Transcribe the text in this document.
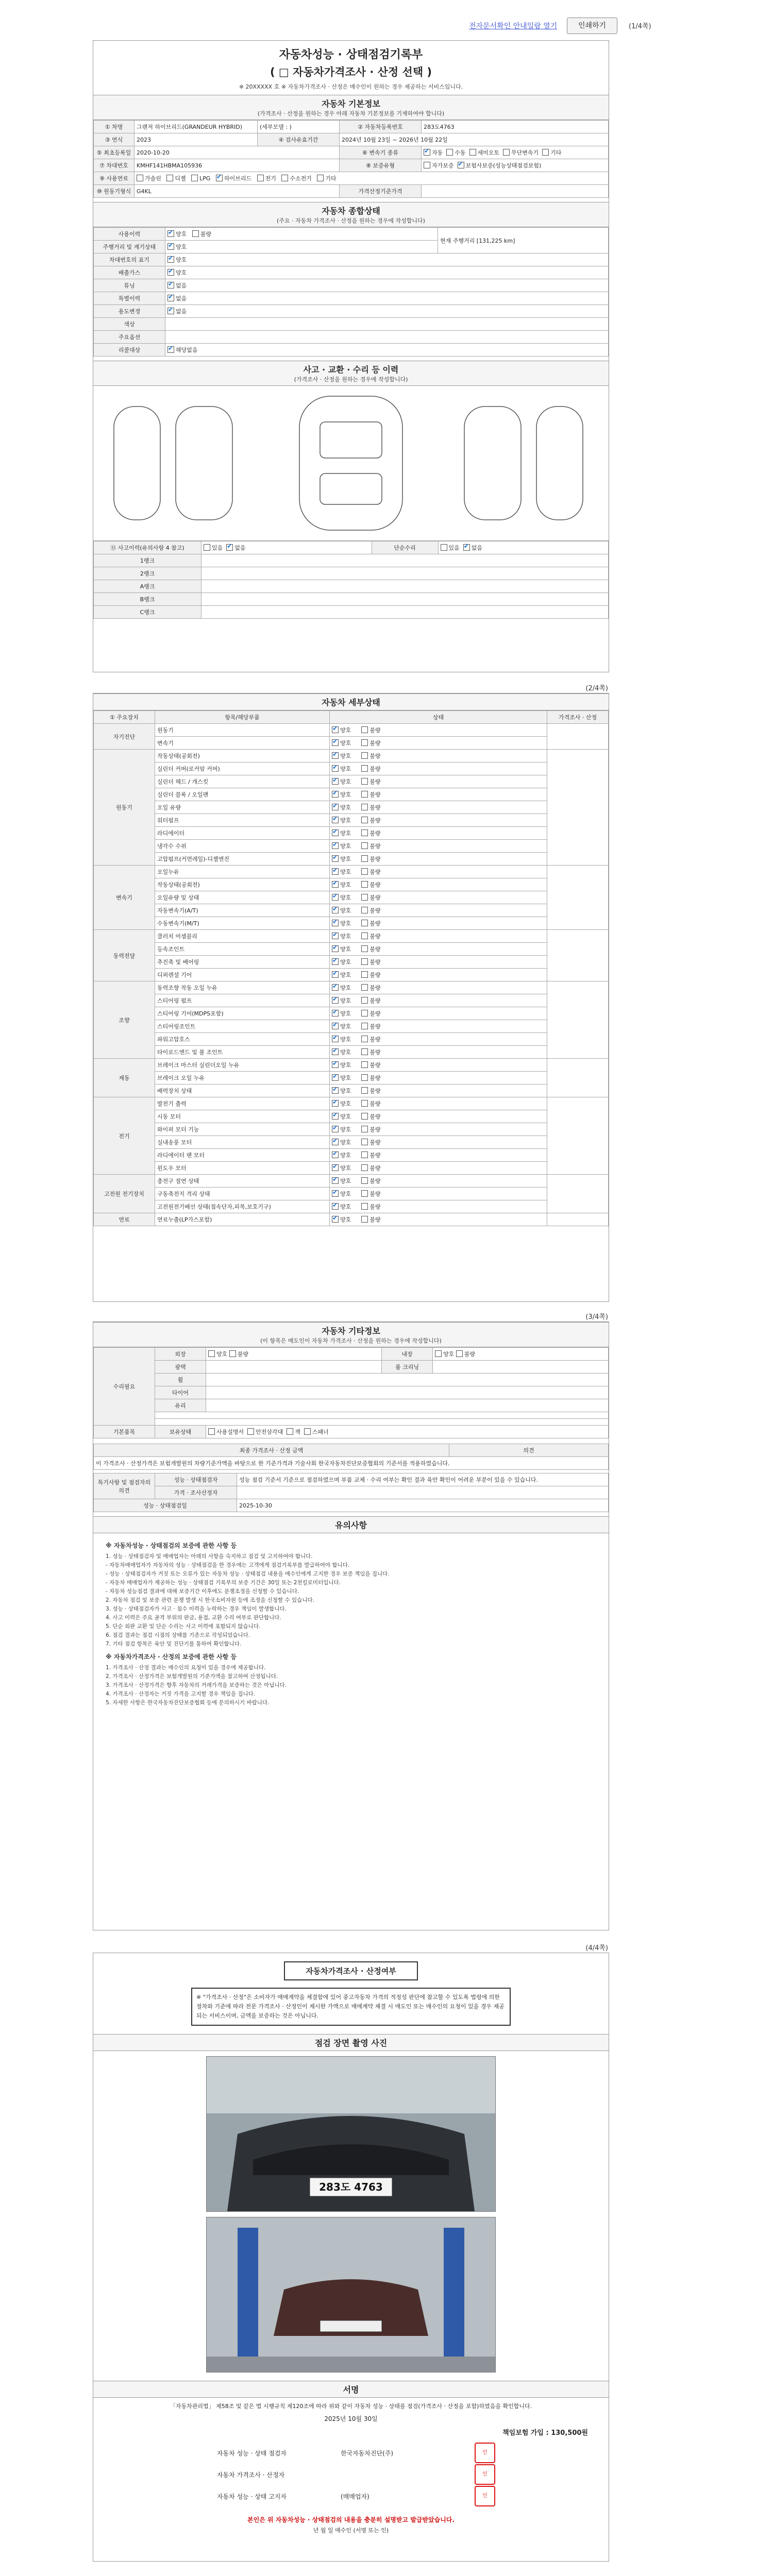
전자문서확인 안내일람 열기	인쇄하기	(1/4쪽)
자동차성능 · 상태점검기록부
( □ 자동차가격조사 · 산정 선택 )
※ 20XXXXX 호 ※ 자동차가격조사 · 산정은 매수인이 원하는 경우 제공하는 서비스입니다.
자동차 기본정보
(가격조사 · 산정을 원하는 경우 아래 자동차 기본정보를 기재하여야 합니다)
① 차명	그랜저 하이브리드(GRANDEUR HYBRID)	(세부모델 : )	② 자동차등록번호	283도4763
③ 연식	2023	④ 검사유효기간	2024년 10월 23일 ~ 2026년 10월 22일	
⑤ 최초등록일	2020-10-20		⑥ 변속기 종류	✔자동 수동 세미오토 무단변속기 기타
⑦ 차대번호	KMHF141HBMA105936		⑧ 보증유형	자가보증 ✔ 보험사보증(성능상태점검보험)
⑨ 사용연료	가솔린 디젤 LPG ✔ 하이브리드 전기 수소전기 기타
⑩ 원동기형식	G4KL		가격산정기준가격	
자동차 종합상태
(주요 · 자동차 가격조사 · 산정을 원하는 경우에 작성합니다)
사용이력	✔양호 불량	현재 주행거리 [131,225 km]
주행거리 및 계기상태	✔양호
차대번호의 표기	✔양호
배출가스	✔양호
튜닝	✔없음
특별이력	✔없음
용도변경	✔없음
색상		
주요옵션		
리콜대상	✔해당없음
사고 · 교환 · 수리 등 이력
(가격조사 · 산정을 원하는 경우에 작성합니다)
⑪ 사고이력(유의사항 4 참고)	있음  ✔없음	단순수리	있음  ✔없음
1랭크			
2랭크			
A랭크			
B랭크			
C랭크			
(2/4쪽)
자동차 세부상태
① 주요장치	항목/해당부품	상태	가격조사 · 산정
자기진단	원동기	✔양호 불량	
	변속기	✔양호 불량
원동기	작동상태(공회전)	✔양호 불량	
	실린더 커버(로커암 커버)	✔양호 불량
	실린더 헤드 / 개스킷	✔양호 불량
	실린더 블록 / 오일팬	✔양호 불량
	오일 유량	✔양호 불량
	워터펌프	✔양호 불량
	라디에이터	✔양호 불량
	냉각수 수위	✔양호 불량
	고압펌프(커먼레일)-디젤엔진	✔양호 불량
변속기	오일누유	✔양호 불량	
	작동상태(공회전)	✔양호 불량
	오일유량 및 상태	✔양호 불량
	자동변속기(A/T)	✔양호 불량
	수동변속기(M/T)	✔양호 불량
동력전달	클러치 어셈블리	✔양호 불량	
	등속조인트	✔양호 불량
	추진축 및 베어링	✔양호 불량
	디퍼렌셜 기어	✔양호 불량
조향	동력조향 작동 오일 누유	✔양호 불량	
	스티어링 펌프	✔양호 불량
	스티어링 기어(MDPS포함)	✔양호 불량
	스티어링조인트	✔양호 불량
	파워고압호스	✔양호 불량
	타이로드엔드 및 볼 조인트	✔양호 불량
제동	브레이크 마스터 실린더오일 누유	✔양호 불량	
	브레이크 오일 누유	✔양호 불량
	배력장치 상태	✔양호 불량
전기	발전기 출력	✔양호 불량	
	시동 모터	✔양호 불량
	와이퍼 모터 기능	✔양호 불량
	실내송풍 모터	✔양호 불량
	라디에이터 팬 모터	✔양호 불량
	윈도우 모터	✔양호 불량
고전원 전기장치	충전구 절연 상태	✔양호 불량	
	구동축전지 격리 상태	✔양호 불량
	고전원전기배선 상태(접속단자,피복,보호기구)	✔양호 불량
연료	연료누출(LP가스포함)	✔양호 불량	
(3/4쪽)
자동차 기타정보
(이 항목은 매도인이 자동차 가격조사 · 산정을 원하는 경우에 작성합니다)
수리필요	외장	양호 불량	내장	양호 불량
	광택		룸 크리닝	
	휠			
	타이어			
	유리			

기본품목	보유상태	사용설명서 안전삼각대 잭 스패너		
최종 가격조사 · 산정 금액	의견
이 가격조사 · 산정가격은 보험개발원의 차량기준가액을 바탕으로 한 기준가격과 기술사회 한국자동차진단보증협회의 기준서를 적용하였습니다.
특기사항 및 점검자의 의견	성능 · 상태점검자	성능 점검 기준서 기준으로 점검하였으며 부품 교체 · 수리 여부는 확인 결과 육안 확인이 어려운 부분이 있을 수 있습니다.
	가격 · 조사산정자	
성능 · 상태점검일		2025-10-30
유의사항
※ 자동차성능 · 상태점검의 보증에 관한 사항 등
1. 성능 · 상태점검자 및 매매업자는 아래의 사항을 숙지하고 점검 및 고지하여야 합니다.
- 자동차매매업자가 자동차의 성능 · 상태점검을 한 경우에는 고객에게 점검기록부를 발급하여야 합니다.
- 성능 · 상태점검자가 거짓 또는 오류가 있는 자동차 성능 · 상태점검 내용을 매수인에게 고지한 경우 보증 책임을 집니다.
- 자동차 매매업자가 제공하는 성능 · 상태점검 기록부의 보증 기간은 30일 또는 2천킬로미터입니다.
- 자동차 성능점검 결과에 대해 보증기간 이후에도 분쟁조정을 신청할 수 있습니다.
2. 자동차 점검 및 보증 관련 분쟁 발생 시 한국소비자원 등에 조정을 신청할 수 있습니다.
3. 성능 · 상태점검자가 사고 · 침수 이력을 누락하는 경우 책임이 발생합니다.
4. 사고 이력은 주요 골격 부위의 판금, 용접, 교환 수리 여부로 판단합니다.
5. 단순 외판 교환 및 단순 수리는 사고 이력에 포함되지 않습니다.
6. 점검 결과는 점검 시점의 상태를 기준으로 작성되었습니다.
7. 기타 점검 항목은 육안 및 진단기를 통하여 확인합니다.
※ 자동차가격조사 · 산정의 보증에 관한 사항 등
1. 가격조사 · 산정 결과는 매수인의 요청이 있을 경우에 제공합니다.
2. 가격조사 · 산정가격은 보험개발원의 기준가액을 참고하여 산정됩니다.
3. 가격조사 · 산정가격은 향후 자동차의 거래가격을 보증하는 것은 아닙니다.
4. 가격조사 · 산정자는 거짓 가격을 고지할 경우 책임을 집니다.
5. 자세한 사항은 한국자동차진단보증협회 등에 문의하시기 바랍니다.
(4/4쪽)
자동차가격조사 · 산정여부
※ "가격조사 · 산정"은 소비자가 매매계약을 체결함에 있어 중고자동차 가격의 적정성 판단에 참고할 수 있도록 법령에 의한 절차와 기준에 따라 전문 가격조사 · 산정인이 제시한 가액으로 매매계약 체결 시 매도인 또는 매수인의 요청이 있을 경우 제공되는 서비스이며, 금액을 보증하는 것은 아닙니다.
점검 장면 촬영 사진
283도 4763
서명
「자동차관리법」 제58조 및 같은 법 시행규칙 제120조에 따라 위와 같이 자동차 성능 · 상태를 점검(가격조사 · 산정을 포함)하였음을 확인합니다.
2025년 10월 30일
책임보험 가입 : 130,500원
자동차 성능 · 상태 점검자	한국자동차진단(주)	인
자동차 가격조사 · 산정자	인
자동차 성능 · 상태 고지자	(매매업자)	인
본인은 위 자동차성능 · 상태점검의 내용을 충분히 설명받고 발급받았습니다.
년 월 일 매수인 (서명 또는 인)
